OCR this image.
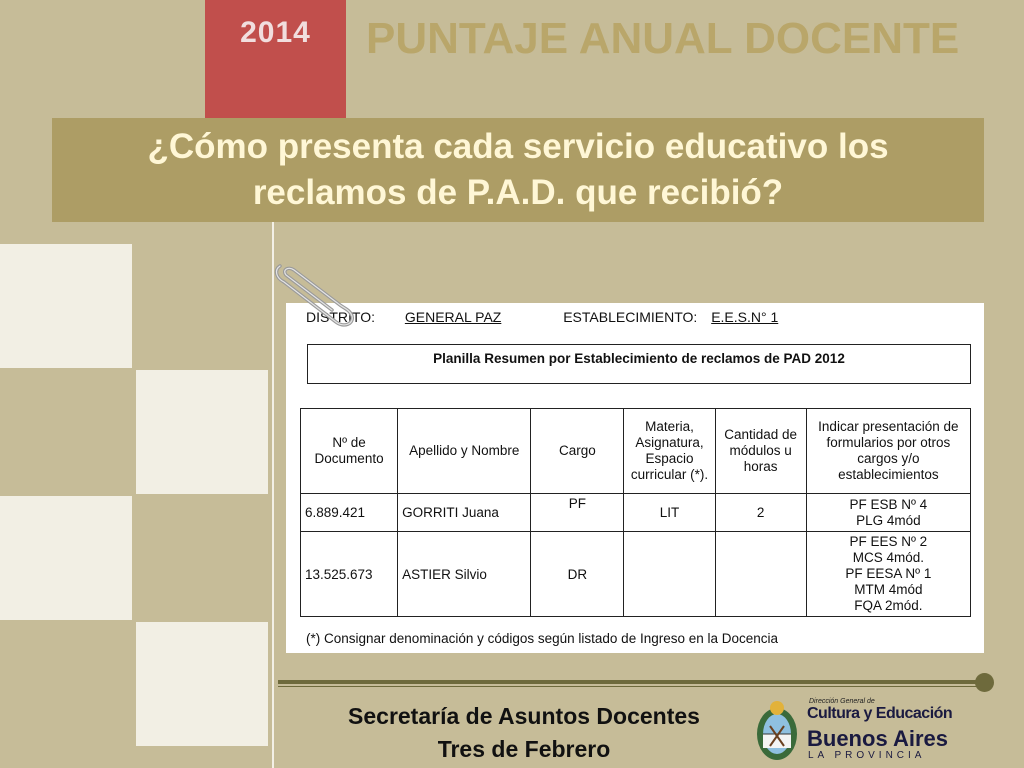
2014	PUNTAJE ANUAL DOCENTE
¿Cómo presenta cada servicio educativo los reclamos de P.A.D. que recibió?
DISTRITO: GENERAL PAZ	ESTABLECIMIENTO: E.E.S.N° 1
Planilla Resumen por Establecimiento de reclamos de PAD 2012
Nº de Documento	Apellido y Nombre	Cargo	Materia, Asignatura, Espacio curricular (*).	Cantidad de módulos u horas	Indicar presentación de formularios por otros cargos y/o establecimientos
6.889.421	GORRITI Juana	PF	LIT	2	PF ESB Nº 4
PLG 4mód

13.525.673	ASTIER Silvio	DR			PF EES Nº 2
MCS 4mód.
PF EESA Nº 1
MTM 4mód
FQA 2mód.
(*) Consignar denominación y códigos según listado de Ingreso en la Docencia
Secretaría de Asuntos Docentes
Tres de Febrero
Dirección General de
Cultura y Educación
Buenos Aires
LA PROVINCIA
